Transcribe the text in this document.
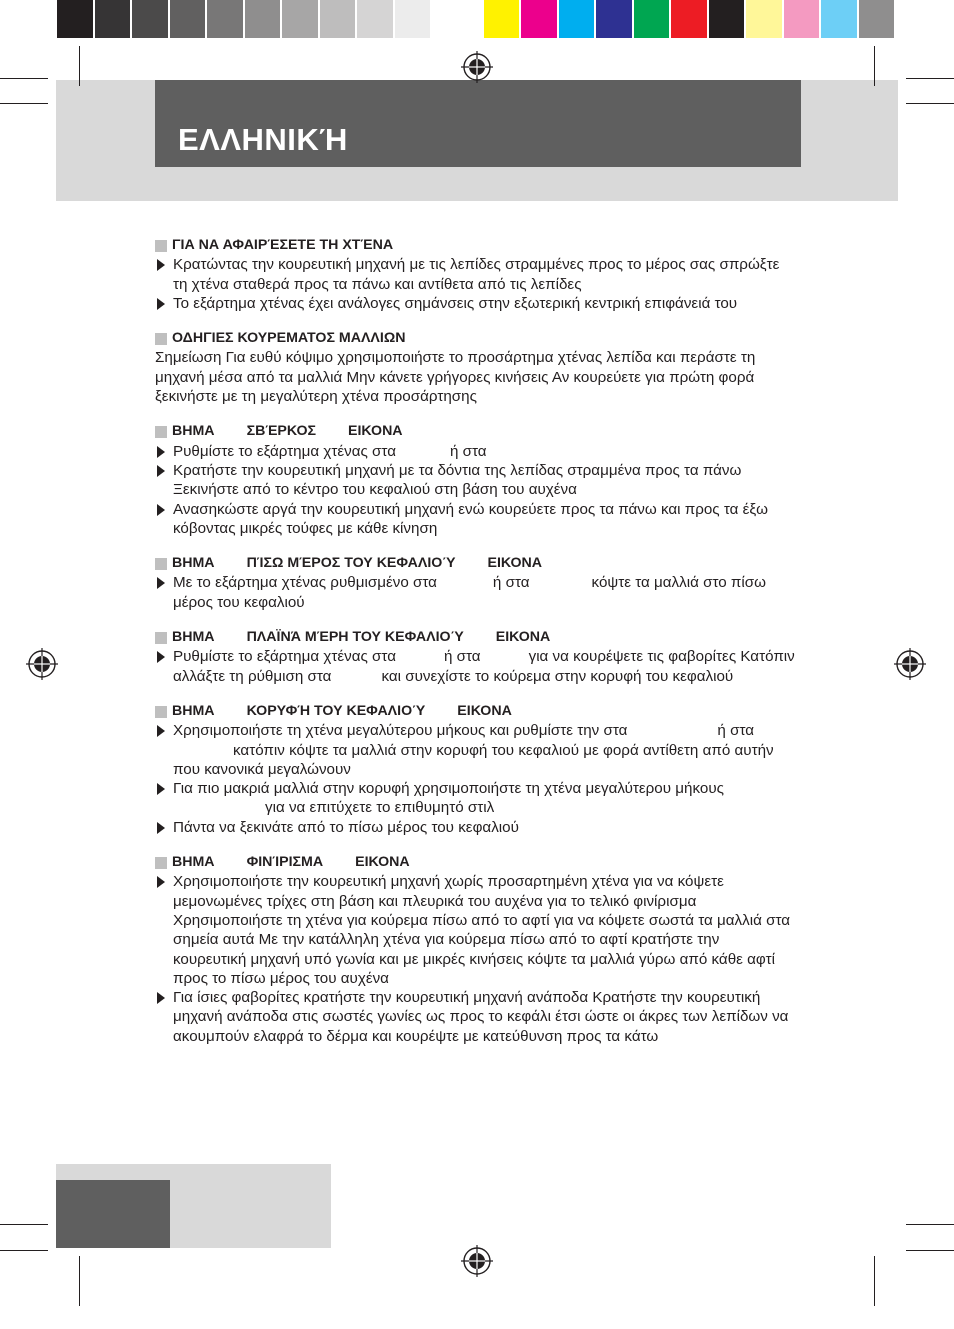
ΕΛΛΗΝΙΚΉ
ΓΙΑ ΝΑ ΑΦΑΙΡΈΣΕΤΕ ΤΗ ΧΤΈΝΑ
Κρατώντας την κουρευτική μηχανή με τις λεπίδες στραμμένες προς το μέρος σας σπρώξτε τη χτένα σταθερά προς τα πάνω και αντίθετα από τις λεπίδες
Το εξάρτημα χτένας έχει ανάλογες σημάνσεις στην εξωτερική κεντρική επιφάνειά του
ΟΔΗΓΙΕΣ ΚΟΥΡΕΜΑΤΟΣ ΜΑΛΛΙΩΝ

Σημείωση Για ευθύ κόψιμο χρησιμοποιήστε το προσάρτημα χτένας λεπίδα και περάστε τη μηχανή μέσα από τα μαλλιά Μην κάνετε γρήγορες κινήσεις Αν κουρεύετε για πρώτη φορά ξεκινήστε με τη μεγαλύτερη χτένα προσάρτησης

ΒΗΜΑ ΣΒΈΡΚΟΣ ΕΙΚΟΝΑ
Ρυθμίστε το εξάρτημα χτένας στα	ή στα
Κρατήστε την κουρευτική μηχανή με τα δόντια της λεπίδας στραμμένα προς τα πάνω Ξεκινήστε από το κέντρο του κεφαλιού στη βάση του αυχένα
Ανασηκώστε αργά την κουρευτική μηχανή ενώ κουρεύετε προς τα πάνω και προς τα έξω κόβοντας μικρές τούφες με κάθε κίνηση
ΒΗΜΑ ΠΊΣΩ ΜΈΡΟΣ ΤΟΥ ΚΕΦΑΛΙΟΎ ΕΙΚΟΝΑ
Με το εξάρτημα χτένας ρυθμισμένο στα	ή στα	κόψτε τα μαλλιά στο πίσω μέρος του κεφαλιού
ΒΗΜΑ ΠΛΑΪΝΆ ΜΈΡΗ ΤΟΥ ΚΕΦΑΛΙΟΎ ΕΙΚΟΝΑ
Ρυθμίστε το εξάρτημα χτένας στα	ή στα	για να κουρέψετε τις φαβορίτες Κατόπιν αλλάξτε τη ρύθμιση στα	και συνεχίστε το κούρεμα στην κορυφή του κεφαλιού
ΒΗΜΑ ΚΟΡΥΦΉ ΤΟΥ ΚΕΦΑΛΙΟΎ ΕΙΚΟΝΑ
Χρησιμοποιήστε τη χτένα μεγαλύτερου μήκους και ρυθμίστε την στα	ή στακατόπιν κόψτε τα μαλλιά στην κορυφή του κεφαλιού με φορά αντίθετη από αυτήν που κανονικά μεγαλώνουν
Για πιο μακριά μαλλιά στην κορυφή χρησιμοποιήστε τη χτένα μεγαλύτερου μήκουςγια να επιτύχετε το επιθυμητό στιλ
Πάντα να ξεκινάτε από το πίσω μέρος του κεφαλιού
ΒΗΜΑ ΦΙΝΊΡΙΣΜΑ ΕΙΚΟΝΑ
Χρησιμοποιήστε την κουρευτική μηχανή χωρίς προσαρτημένη χτένα για να κόψετε μεμονωμένες τρίχες στη βάση και πλευρικά του αυχένα για το τελικό φινίρισμα Χρησιμοποιήστε τη χτένα για κούρεμα πίσω από το αφτί για να κόψετε σωστά τα μαλλιά στα σημεία αυτά Με την κατάλληλη χτένα για κούρεμα πίσω από το αφτί κρατήστε την κουρευτική μηχανή υπό γωνία και με μικρές κινήσεις κόψτε τα μαλλιά γύρω από κάθε αφτί προς το πίσω μέρος του αυχένα
Για ίσιες φαβορίτες κρατήστε την κουρευτική μηχανή ανάποδα Κρατήστε την κουρευτική μηχανή ανάποδα στις σωστές γωνίες ως προς το κεφάλι έτσι ώστε οι άκρες των λεπίδων να ακουμπούν ελαφρά το δέρμα και κουρέψτε με κατεύθυνση προς τα κάτω
